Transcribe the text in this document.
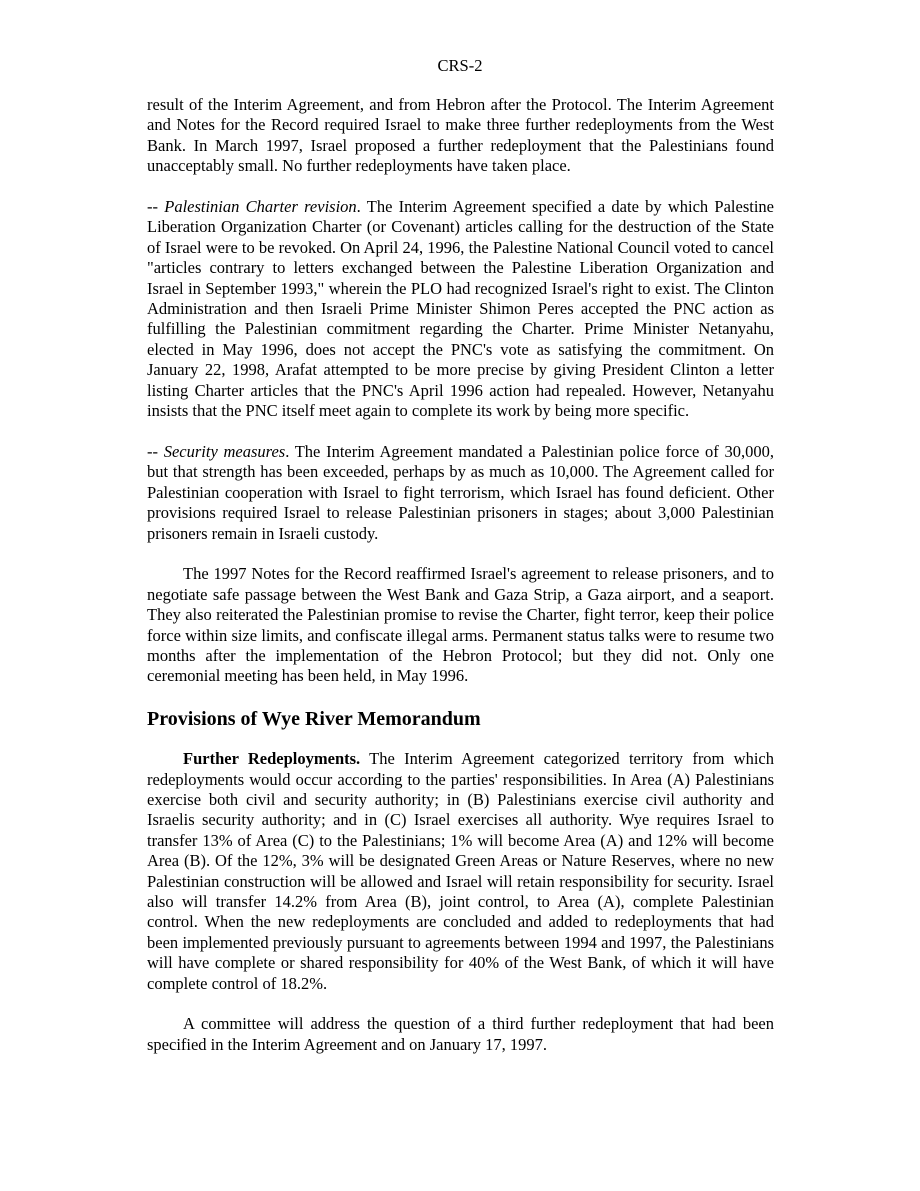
CRS-2

result of the Interim Agreement, and from Hebron after the Protocol. The Interim Agreement and Notes for the Record required Israel to make three further redeployments from the West Bank. In March 1997, Israel proposed a further redeployment that the Palestinians found unacceptably small. No further redeployments have taken place.

-- Palestinian Charter revision. The Interim Agreement specified a date by which Palestine Liberation Organization Charter (or Covenant) articles calling for the destruction of the State of Israel were to be revoked. On April 24, 1996, the Palestine National Council voted to cancel "articles contrary to letters exchanged between the Palestine Liberation Organization and Israel in September 1993," wherein the PLO had recognized Israel's right to exist. The Clinton Administration and then Israeli Prime Minister Shimon Peres accepted the PNC action as fulfilling the Palestinian commitment regarding the Charter. Prime Minister Netanyahu, elected in May 1996, does not accept the PNC's vote as satisfying the commitment. On January 22, 1998, Arafat attempted to be more precise by giving President Clinton a letter listing Charter articles that the PNC's April 1996 action had repealed. However, Netanyahu insists that the PNC itself meet again to complete its work by being more specific.

-- Security measures. The Interim Agreement mandated a Palestinian police force of 30,000, but that strength has been exceeded, perhaps by as much as 10,000. The Agreement called for Palestinian cooperation with Israel to fight terrorism, which Israel has found deficient. Other provisions required Israel to release Palestinian prisoners in stages; about 3,000 Palestinian prisoners remain in Israeli custody.

The 1997 Notes for the Record reaffirmed Israel's agreement to release prisoners, and to negotiate safe passage between the West Bank and Gaza Strip, a Gaza airport, and a seaport. They also reiterated the Palestinian promise to revise the Charter, fight terror, keep their police force within size limits, and confiscate illegal arms. Permanent status talks were to resume two months after the implementation of the Hebron Protocol; but they did not. Only one ceremonial meeting has been held, in May 1996.

Provisions of Wye River Memorandum

Further Redeployments. The Interim Agreement categorized territory from which redeployments would occur according to the parties' responsibilities. In Area (A) Palestinians exercise both civil and security authority; in (B) Palestinians exercise civil authority and Israelis security authority; and in (C) Israel exercises all authority. Wye requires Israel to transfer 13% of Area (C) to the Palestinians; 1% will become Area (A) and 12% will become Area (B). Of the 12%, 3% will be designated Green Areas or Nature Reserves, where no new Palestinian construction will be allowed and Israel will retain responsibility for security. Israel also will transfer 14.2% from Area (B), joint control, to Area (A), complete Palestinian control. When the new redeployments are concluded and added to redeployments that had been implemented previously pursuant to agreements between 1994 and 1997, the Palestinians will have complete or shared responsibility for 40% of the West Bank, of which it will have complete control of 18.2%.

A committee will address the question of a third further redeployment that had been specified in the Interim Agreement and on January 17, 1997.
